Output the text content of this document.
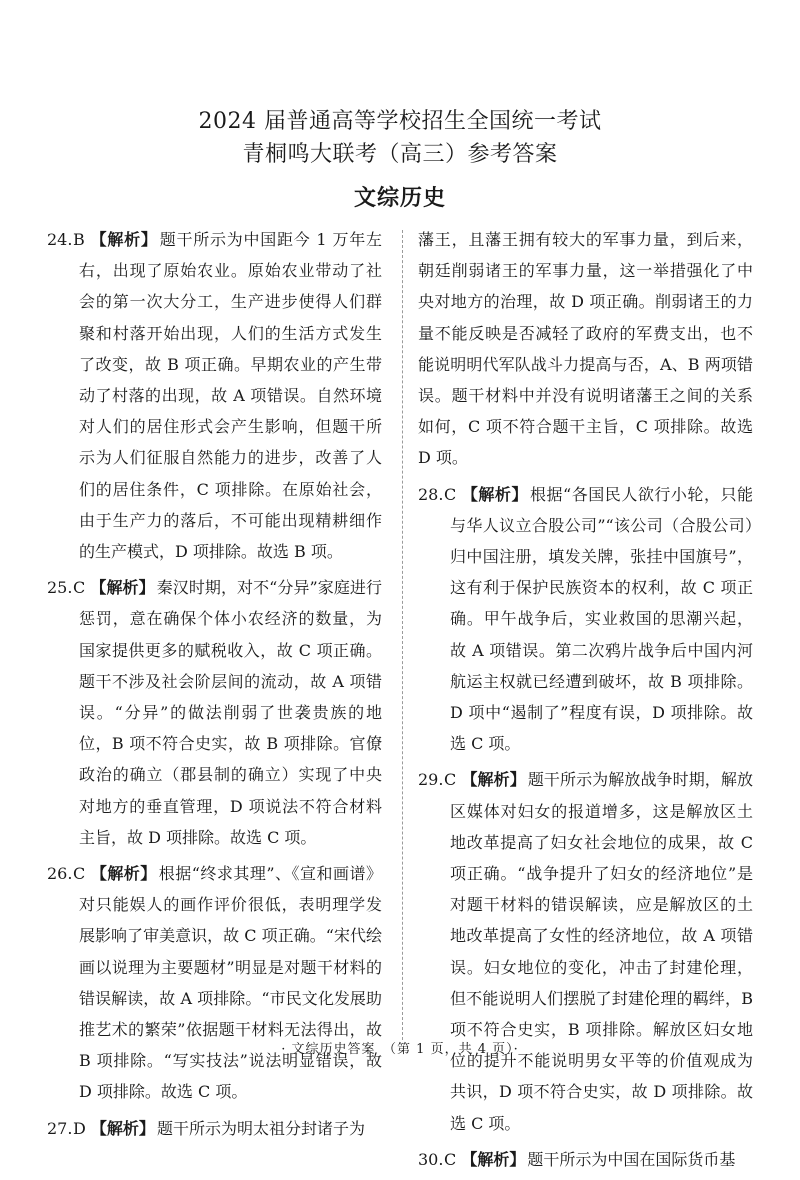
2024 届普通高等学校招生全国统一考试
青桐鸣大联考（高三）参考答案
文综历史

24.B 【解析】 题干所示为中国距今 1 万年左右，出现了原始农业。原始农业带动了社会的第一次大分工，生产进步使得人们群聚和村落开始出现，人们的生活方式发生了改变，故 B 项正确。早期农业的产生带动了村落的出现，故 A 项错误。自然环境对人们的居住形式会产生影响，但题干所示为人们征服自然能力的进步，改善了人们的居住条件，C 项排除。在原始社会，由于生产力的落后，不可能出现精耕细作的生产模式，D 项排除。故选 B 项。

25.C 【解析】 秦汉时期，对不“分异”家庭进行惩罚，意在确保个体小农经济的数量，为国家提供更多的赋税收入，故 C 项正确。题干不涉及社会阶层间的流动，故 A 项错误。“分异”的做法削弱了世袭贵族的地位，B 项不符合史实，故 B 项排除。官僚政治的确立（郡县制的确立）实现了中央对地方的垂直管理，D 项说法不符合材料主旨，故 D 项排除。故选 C 项。

26.C 【解析】 根据“终求其理”、《宣和画谱》对只能娱人的画作评价很低，表明理学发展影响了审美意识，故 C 项正确。“宋代绘画以说理为主要题材”明显是对题干材料的错误解读，故 A 项排除。“市民文化发展助推艺术的繁荣”依据题干材料无法得出，故 B 项排除。“写实技法”说法明显错误，故 D 项排除。故选 C 项。

27.D 【解析】 题干所示为明太祖分封诸子为

藩王，且藩王拥有较大的军事力量，到后来，朝廷削弱诸王的军事力量，这一举措强化了中央对地方的治理，故 D 项正确。削弱诸王的力量不能反映是否减轻了政府的军费支出，也不能说明明代军队战斗力提高与否，A、B 两项错误。题干材料中并没有说明诸藩王之间的关系如何，C 项不符合题干主旨，C 项排除。故选 D 项。

28.C 【解析】 根据“各国民人欲行小轮，只能与华人议立合股公司”“该公司（合股公司）归中国注册，填发关牌，张挂中国旗号”，这有利于保护民族资本的权利，故 C 项正确。甲午战争后，实业救国的思潮兴起，故 A 项错误。第二次鸦片战争后中国内河航运主权就已经遭到破坏，故 B 项排除。D 项中“遏制了”程度有误，D 项排除。故选 C 项。

29.C 【解析】 题干所示为解放战争时期，解放区媒体对妇女的报道增多，这是解放区土地改革提高了妇女社会地位的成果，故 C 项正确。“战争提升了妇女的经济地位”是对题干材料的错误解读，应是解放区的土地改革提高了女性的经济地位，故 A 项错误。妇女地位的变化，冲击了封建伦理，但不能说明人们摆脱了封建伦理的羁绊，B 项不符合史实，B 项排除。解放区妇女地位的提升不能说明男女平等的价值观成为共识，D 项不符合史实，故 D 项排除。故选 C 项。

30.C 【解析】 题干所示为中国在国际货币基

· 文综历史答案　（第 1 页，共 4 页）·
